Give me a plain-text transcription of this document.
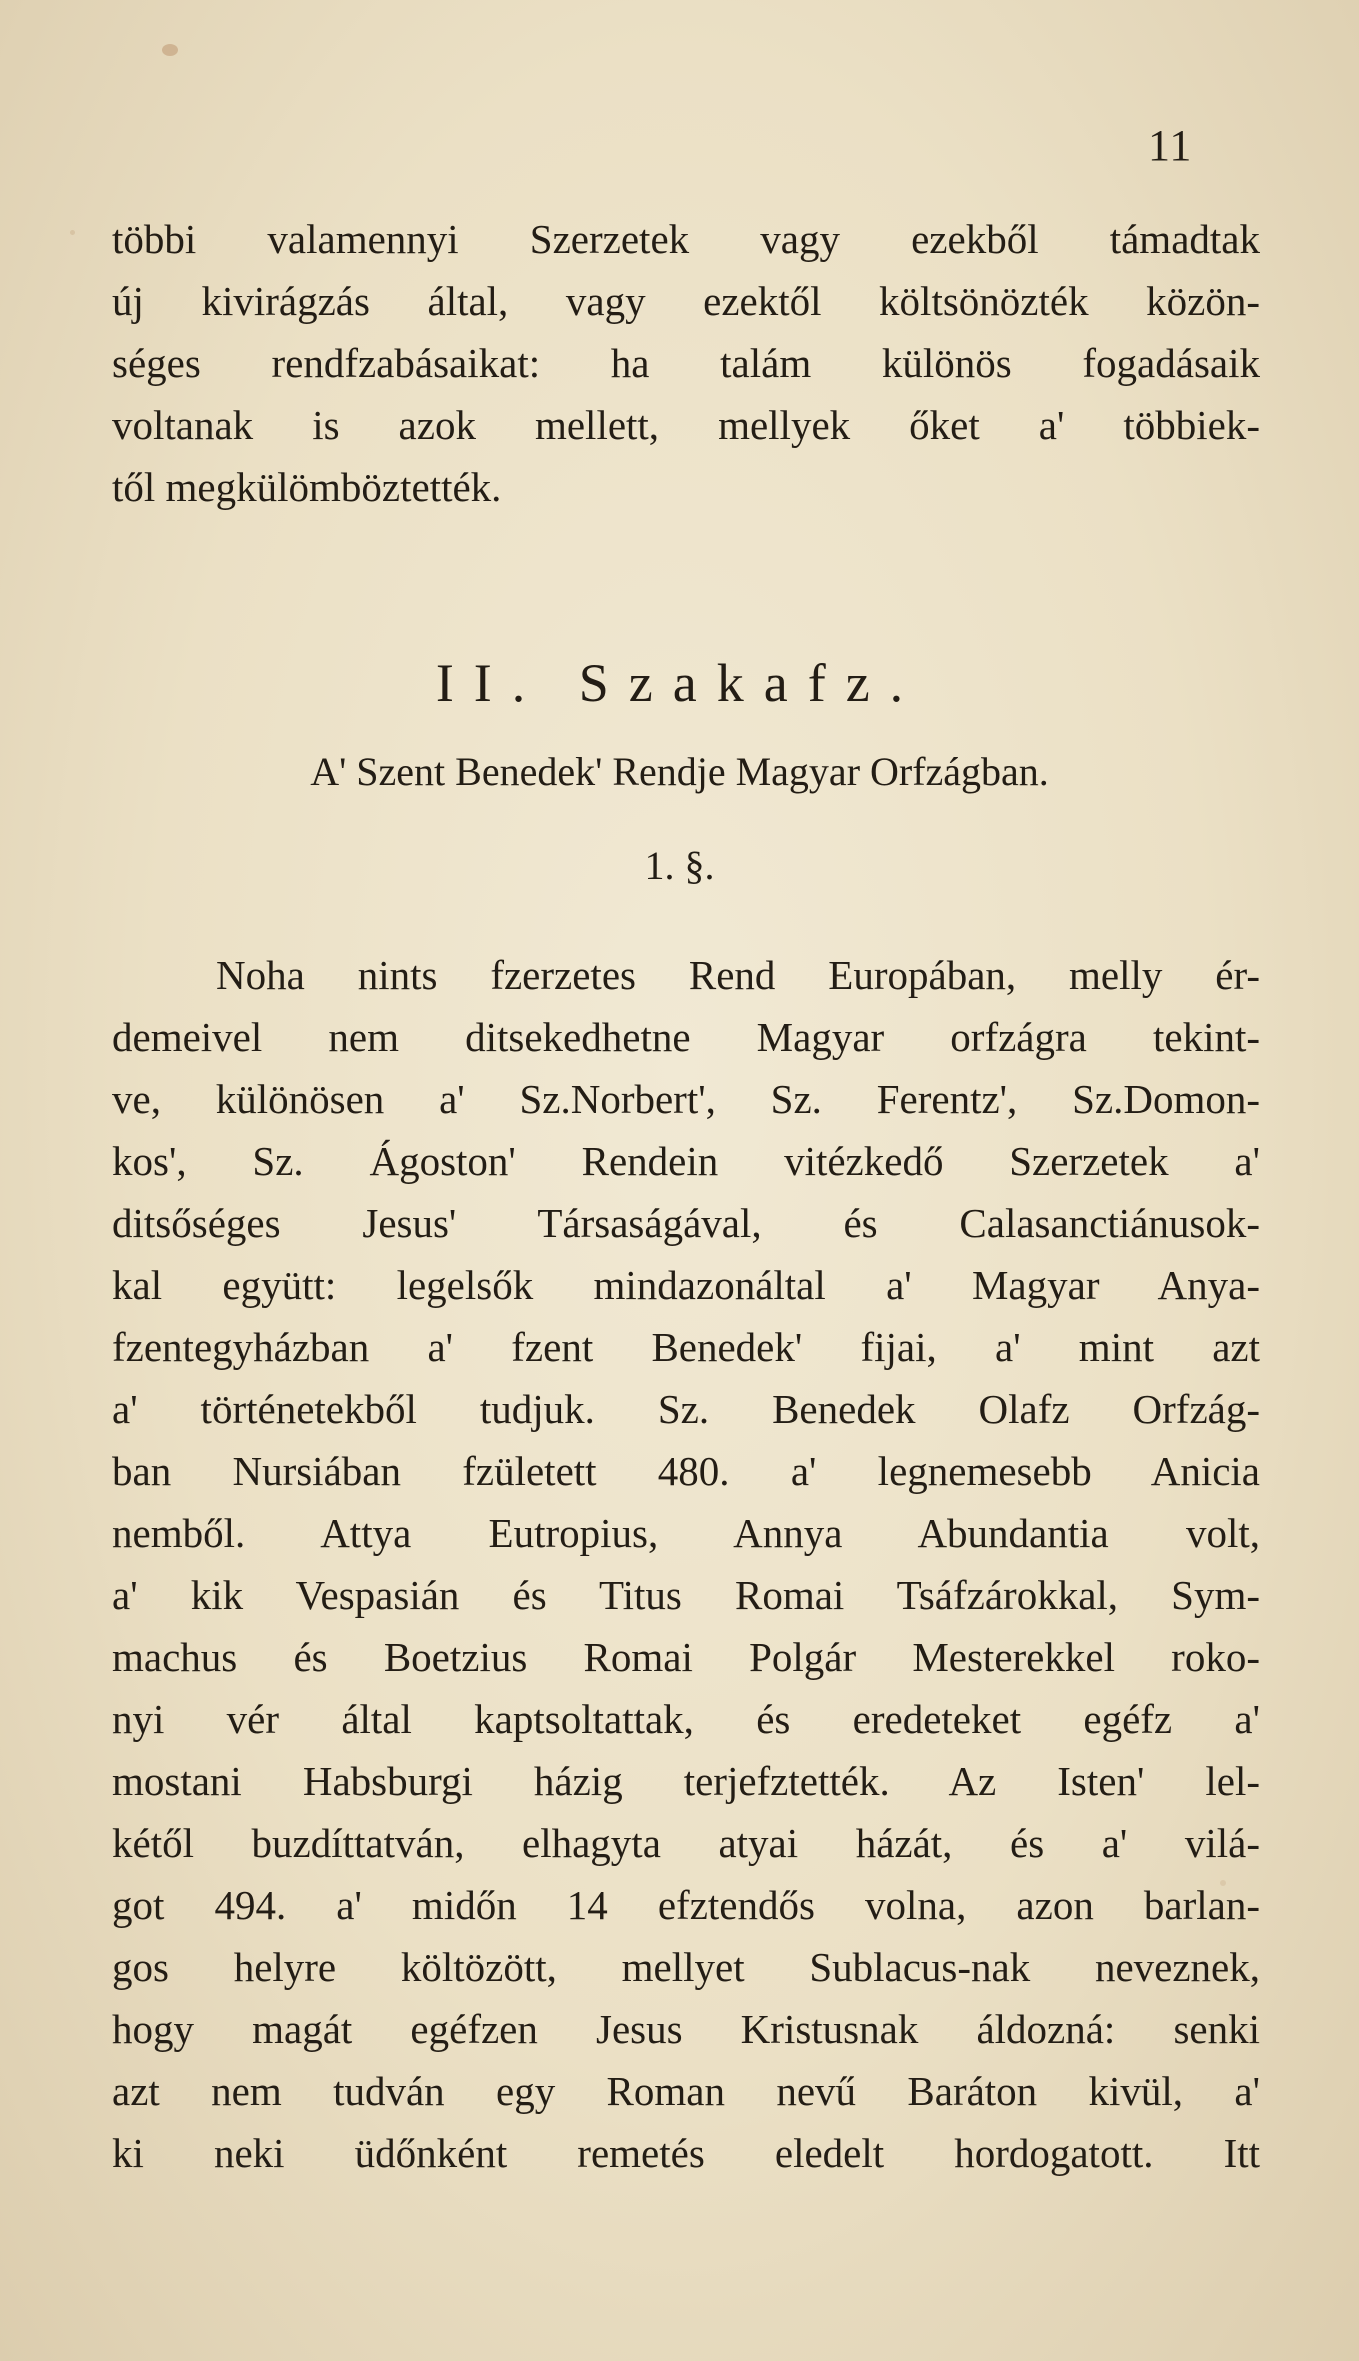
11
többi valamennyi Szerzetek vagy ezekből támadtak
új kivirágzás által, vagy ezektől költsönözték közön-
séges rendfzabásaikat: ha talám különös fogadásaik
voltanak is azok mellett, mellyek őket a' többiek-
től megkülömböztették.
II. Szakafz.
A' Szent Benedek' Rendje Magyar Orfzágban.
1. §.
Noha nints fzerzetes Rend Europában, melly ér-
demeivel nem ditsekedhetne Magyar orfzágra tekint-
ve, különösen a' Sz.Norbert', Sz. Ferentz', Sz.Domon-
kos', Sz. Ágoston' Rendein vitézkedő Szerzetek a'
ditsőséges Jesus' Társaságával, és Calasanctiánusok-
kal együtt: legelsők mindazonáltal a' Magyar Anya-
fzentegyházban a' fzent Benedek' fijai, a' mint azt
a' történetekből tudjuk. Sz. Benedek Olafz Orfzág-
ban Nursiában fzületett 480. a' legnemesebb Anicia
nemből. Attya Eutropius, Annya Abundantia volt,
a' kik Vespasián és Titus Romai Tsáfzárokkal, Sym-
machus és Boetzius Romai Polgár Mesterekkel roko-
nyi vér által kaptsoltattak, és eredeteket egéfz a'
mostani Habsburgi házig terjefztették. Az Isten' lel-
kétől buzdíttatván, elhagyta atyai házát, és a' vilá-
got 494. a' midőn 14 efztendős volna, azon barlan-
gos helyre költözött, mellyet Sublacus-nak neveznek,
hogy magát egéfzen Jesus Kristusnak áldozná: senki
azt nem tudván egy Roman nevű Baráton kivül, a'
ki neki üdőnként remetés eledelt hordogatott. Itt
